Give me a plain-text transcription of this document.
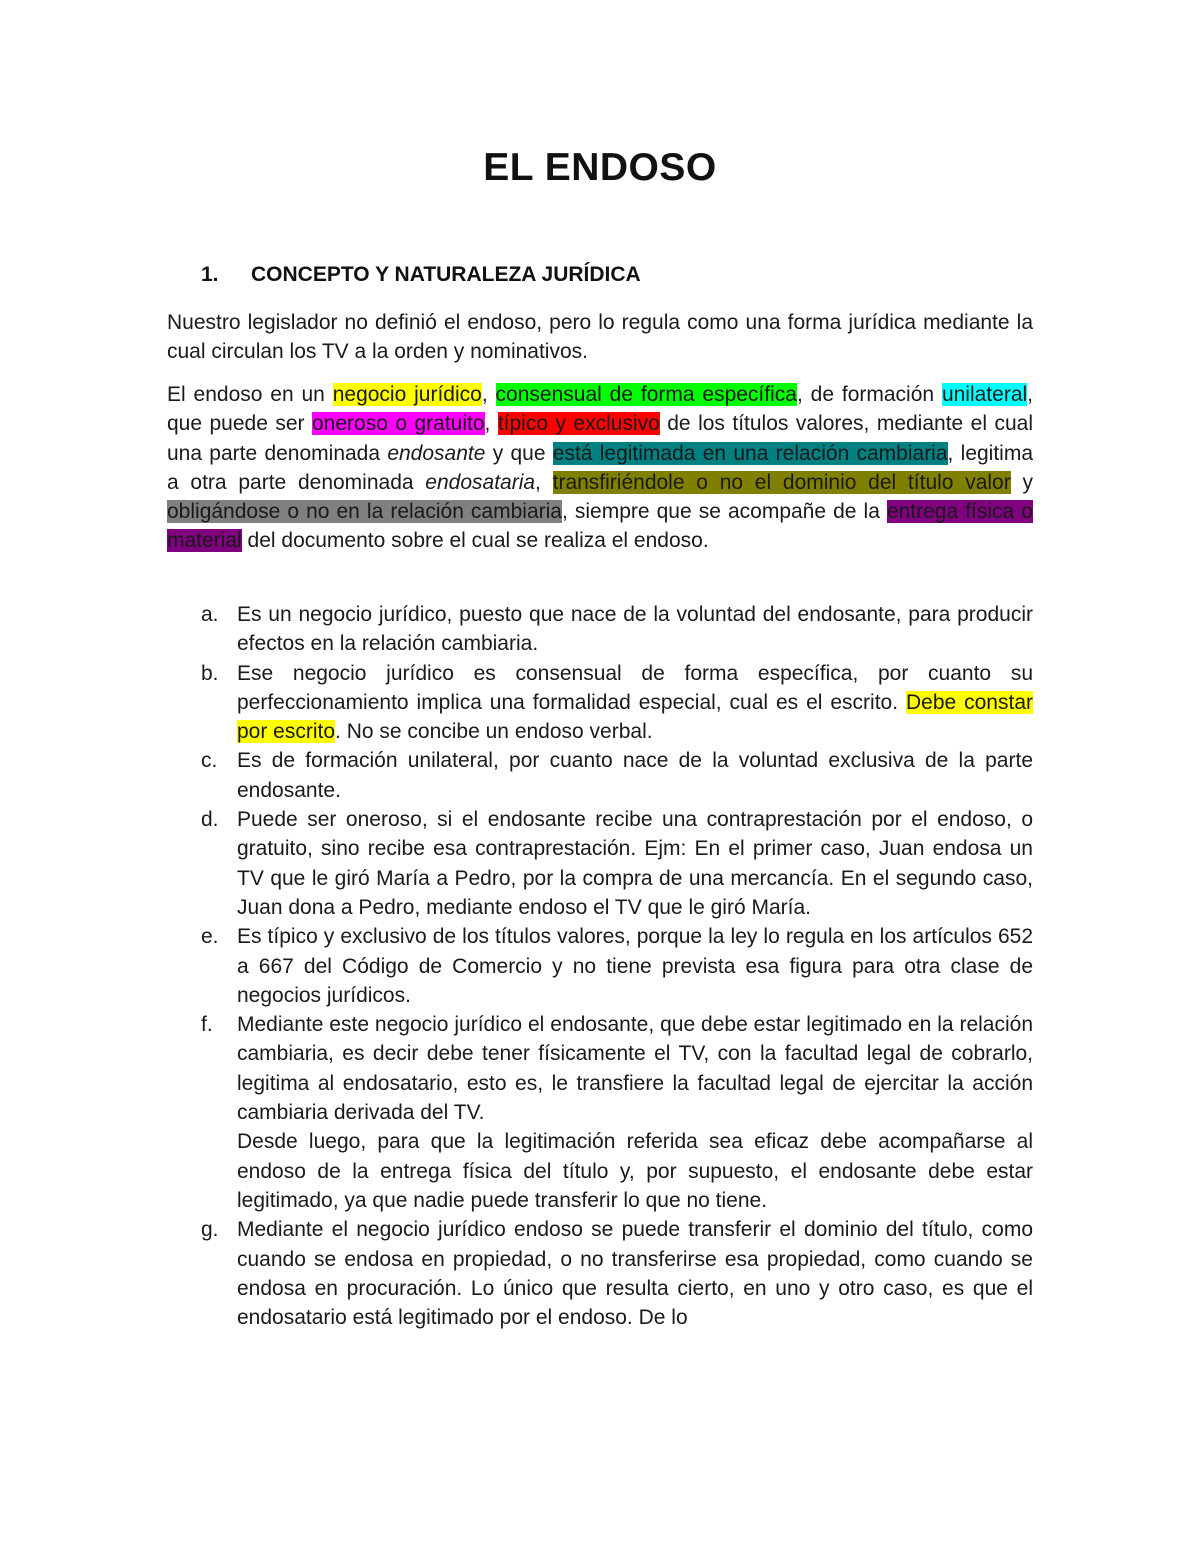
EL ENDOSO
1. CONCEPTO Y NATURALEZA JURÍDICA

Nuestro legislador no definió el endoso, pero lo regula como una forma jurídica mediante la cual circulan los TV a la orden y nominativos.

El endoso en un negocio jurídico, consensual de forma específica, de formación unilateral, que puede ser oneroso o gratuito, típico y exclusivo de los títulos valores, mediante el cual una parte denominada endosante y que está legitimada en una relación cambiaria, legitima a otra parte denominada endosataria, transfiriéndole o no el dominio del título valor y obligándose o no en la relación cambiaria, siempre que se acompañe de la entrega física o material del documento sobre el cual se realiza el endoso.

a. Es un negocio jurídico, puesto que nace de la voluntad del endosante, para producir efectos en la relación cambiaria.
b. Ese negocio jurídico es consensual de forma específica, por cuanto su perfeccionamiento implica una formalidad especial, cual es el escrito. Debe constar por escrito. No se concibe un endoso verbal.
c. Es de formación unilateral, por cuanto nace de la voluntad exclusiva de la parte endosante.
d. Puede ser oneroso, si el endosante recibe una contraprestación por el endoso, o gratuito, sino recibe esa contraprestación. Ejm: En el primer caso, Juan endosa un TV que le giró María a Pedro, por la compra de una mercancía. En el segundo caso, Juan dona a Pedro, mediante endoso el TV que le giró María.
e. Es típico y exclusivo de los títulos valores, porque la ley lo regula en los artículos 652 a 667 del Código de Comercio y no tiene prevista esa figura para otra clase de negocios jurídicos.
f. Mediante este negocio jurídico el endosante, que debe estar legitimado en la relación cambiaria, es decir debe tener físicamente el TV, con la facultad legal de cobrarlo, legitima al endosatario, esto es, le transfiere la facultad legal de ejercitar la acción cambiaria derivada del TV.
Desde luego, para que la legitimación referida sea eficaz debe acompañarse al endoso de la entrega física del título y, por supuesto, el endosante debe estar legitimado, ya que nadie puede transferir lo que no tiene.
g. Mediante el negocio jurídico endoso se puede transferir el dominio del título, como cuando se endosa en propiedad, o no transferirse esa propiedad, como cuando se endosa en procuración. Lo único que resulta cierto, en uno y otro caso, es que el endosatario está legitimado por el endoso. De lo
